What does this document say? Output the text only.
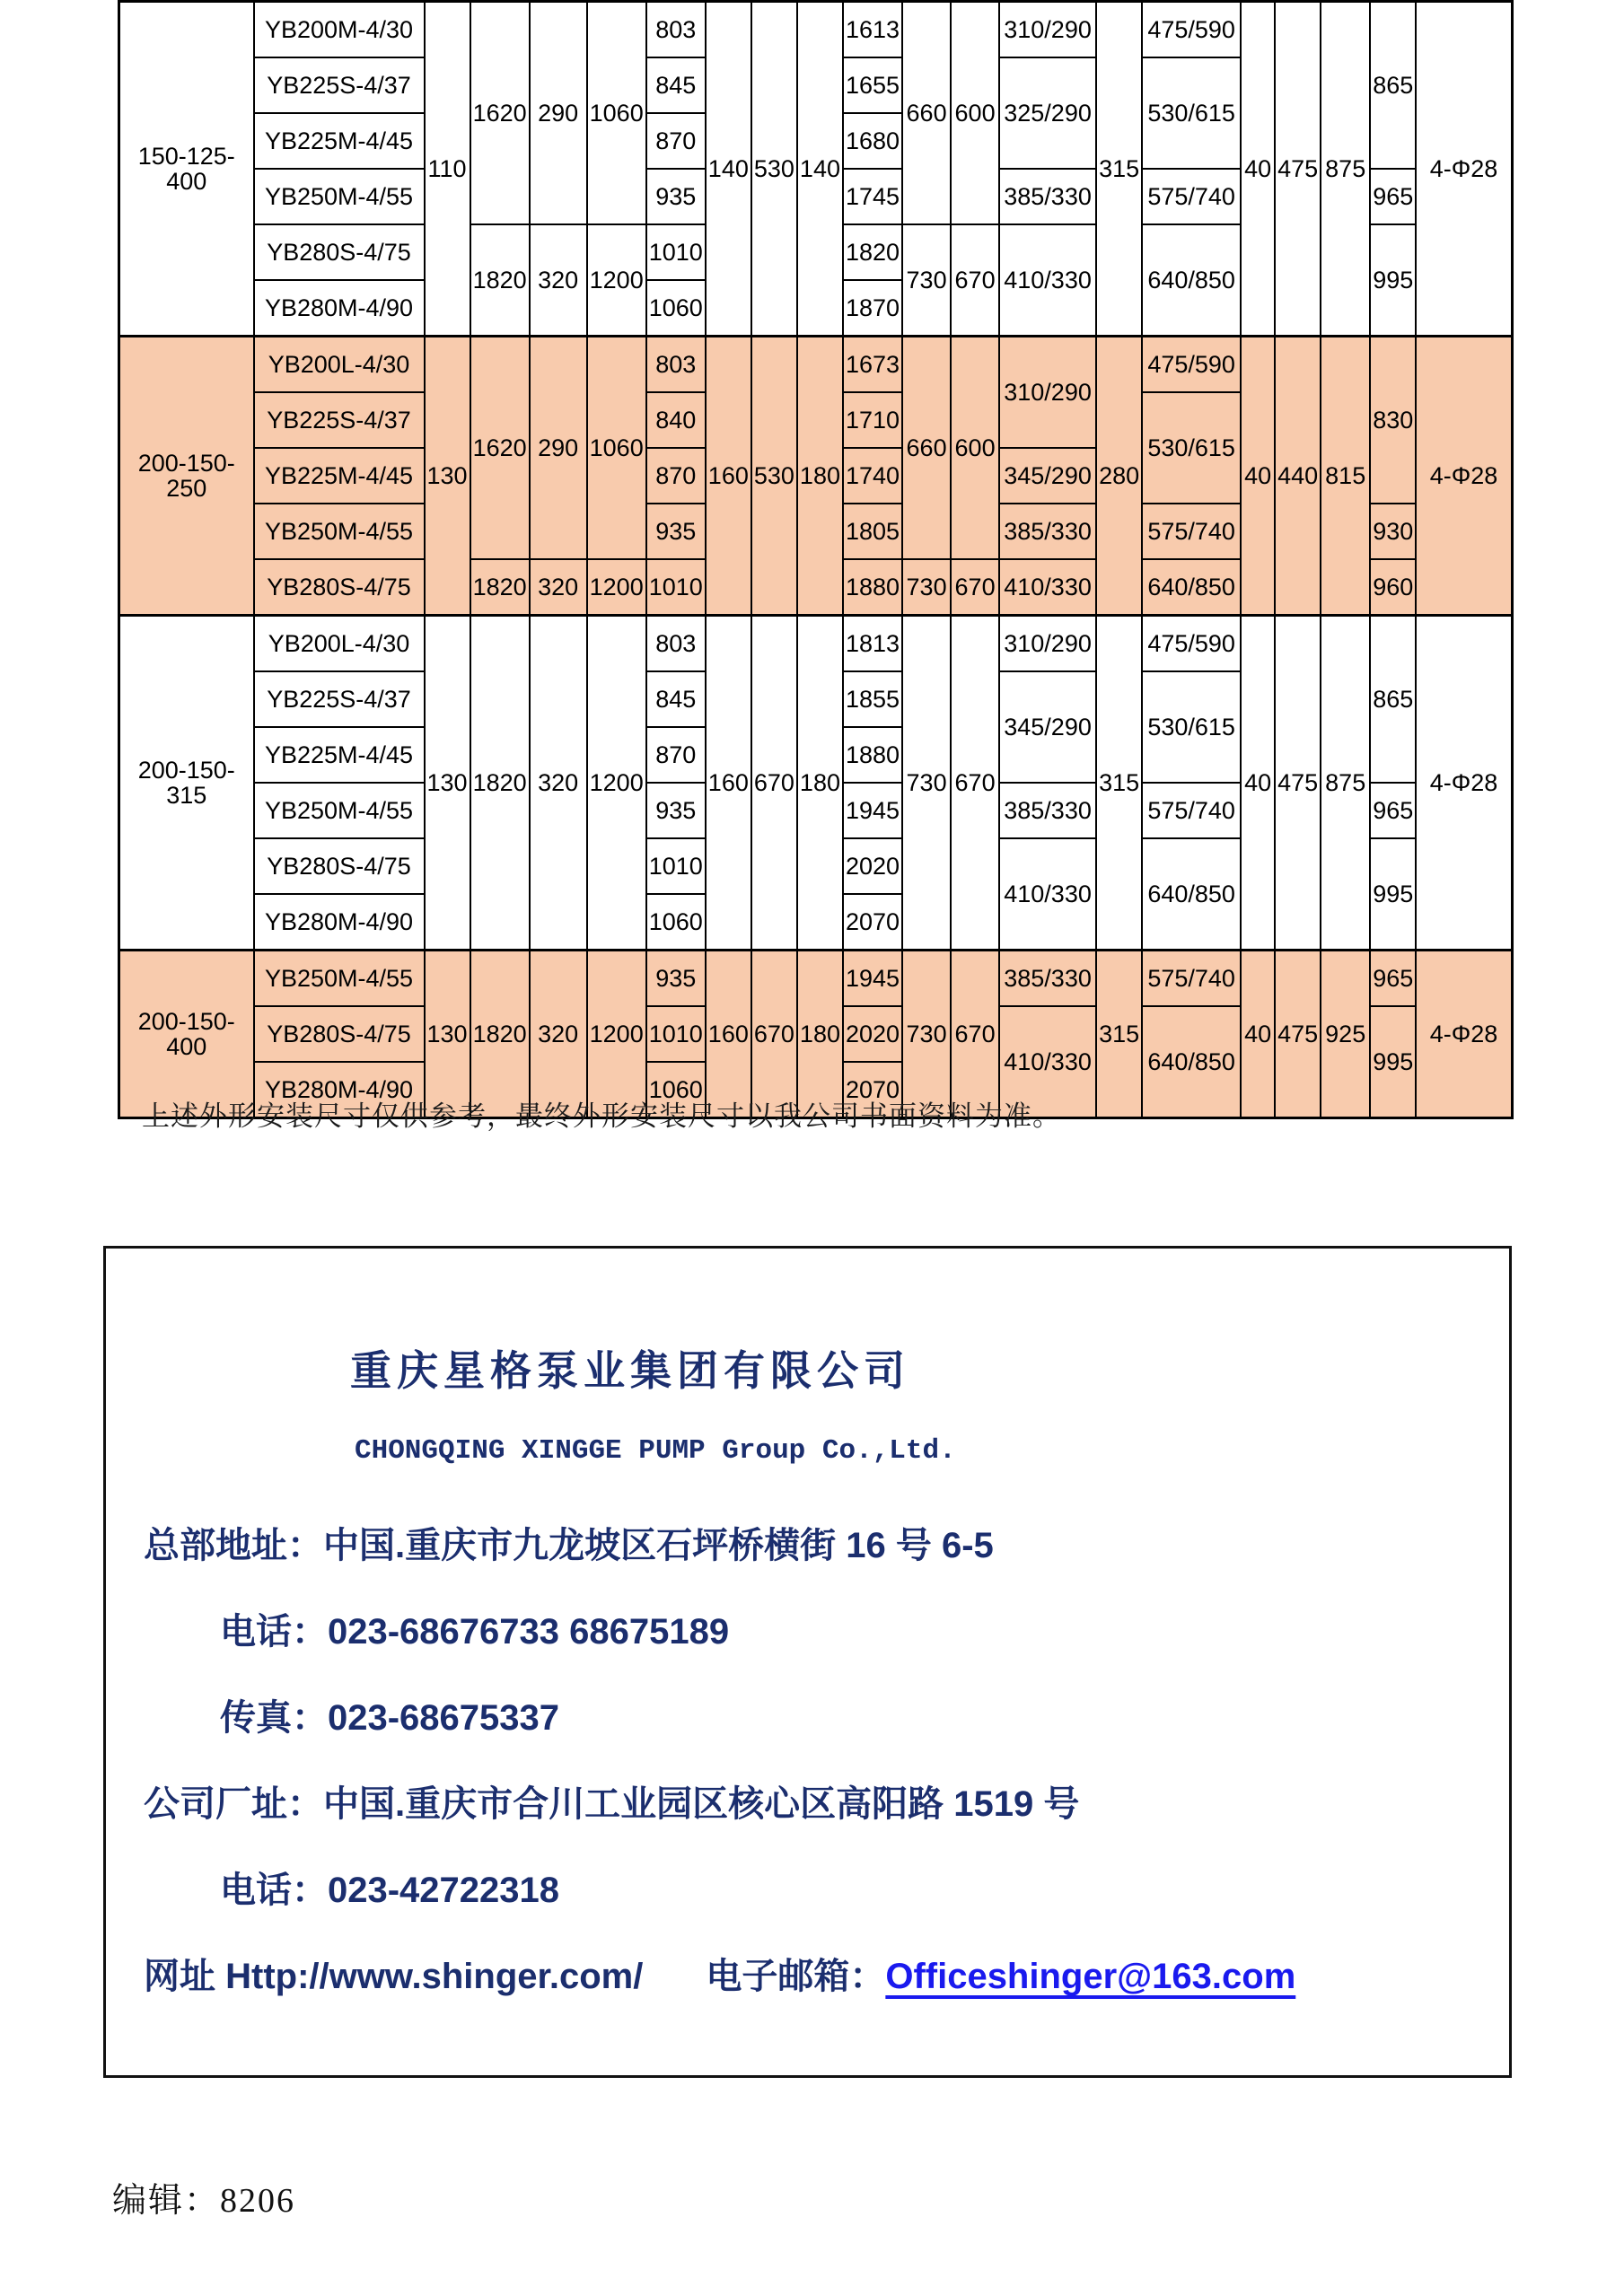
150-125-400	YB200M-4/30	110	1620	290	1060	803	140	530	140	1613	660	600	310/290	315	475/590	40	475	875	865	4-Φ28
	YB225S-4/37					845				1655			325/290		530/615					
	YB225M-4/45					870				1680										
	YB250M-4/55					935				1745			385/330		575/740				965	
	YB280S-4/75		1820	320	1200	1010				1820	730	670	410/330		640/850				995	
	YB280M-4/90					1060				1870										
200-150-250	YB200L-4/30	130	1620	290	1060	803	160	530	180	1673	660	600	310/290	280	475/590	40	440	815	830	4-Φ28
	YB225S-4/37					840				1710					530/615					
	YB225M-4/45					870				1740			345/290							
	YB250M-4/55					935				1805			385/330		575/740				930	
	YB280S-4/75		1820	320	1200	1010				1880	730	670	410/330		640/850				960	
200-150-315	YB200L-4/30	130	1820	320	1200	803	160	670	180	1813	730	670	310/290	315	475/590	40	475	875	865	4-Φ28
	YB225S-4/37					845				1855			345/290		530/615					
	YB225M-4/45					870				1880										
	YB250M-4/55					935				1945			385/330		575/740				965	
	YB280S-4/75					1010				2020			410/330		640/850				995	
	YB280M-4/90					1060				2070										
200-150-400	YB250M-4/55	130	1820	320	1200	935	160	670	180	1945	730	670	385/330	315	575/740	40	475	925	965	4-Φ28
	YB280S-4/75					1010				2020			410/330		640/850				995	
	YB280M-4/90					1060				2070										
上述外形安装尺寸仅供参考，最终外形安装尺寸以我公司书面资料为准。
重庆星格泵业集团有限公司
CHONGQING XINGGE PUMP Group Co.,Ltd.
总部地址：中国.重庆市九龙坡区石坪桥横街 16 号 6-5
电话：023-68676733 68675189
传真：023-68675337
公司厂址：中国.重庆市合川工业园区核心区高阳路 1519 号
电话：023-42722318
网址 Http://www.shinger.com/ 电子邮箱：Officeshinger@163.com
编辑：8206
